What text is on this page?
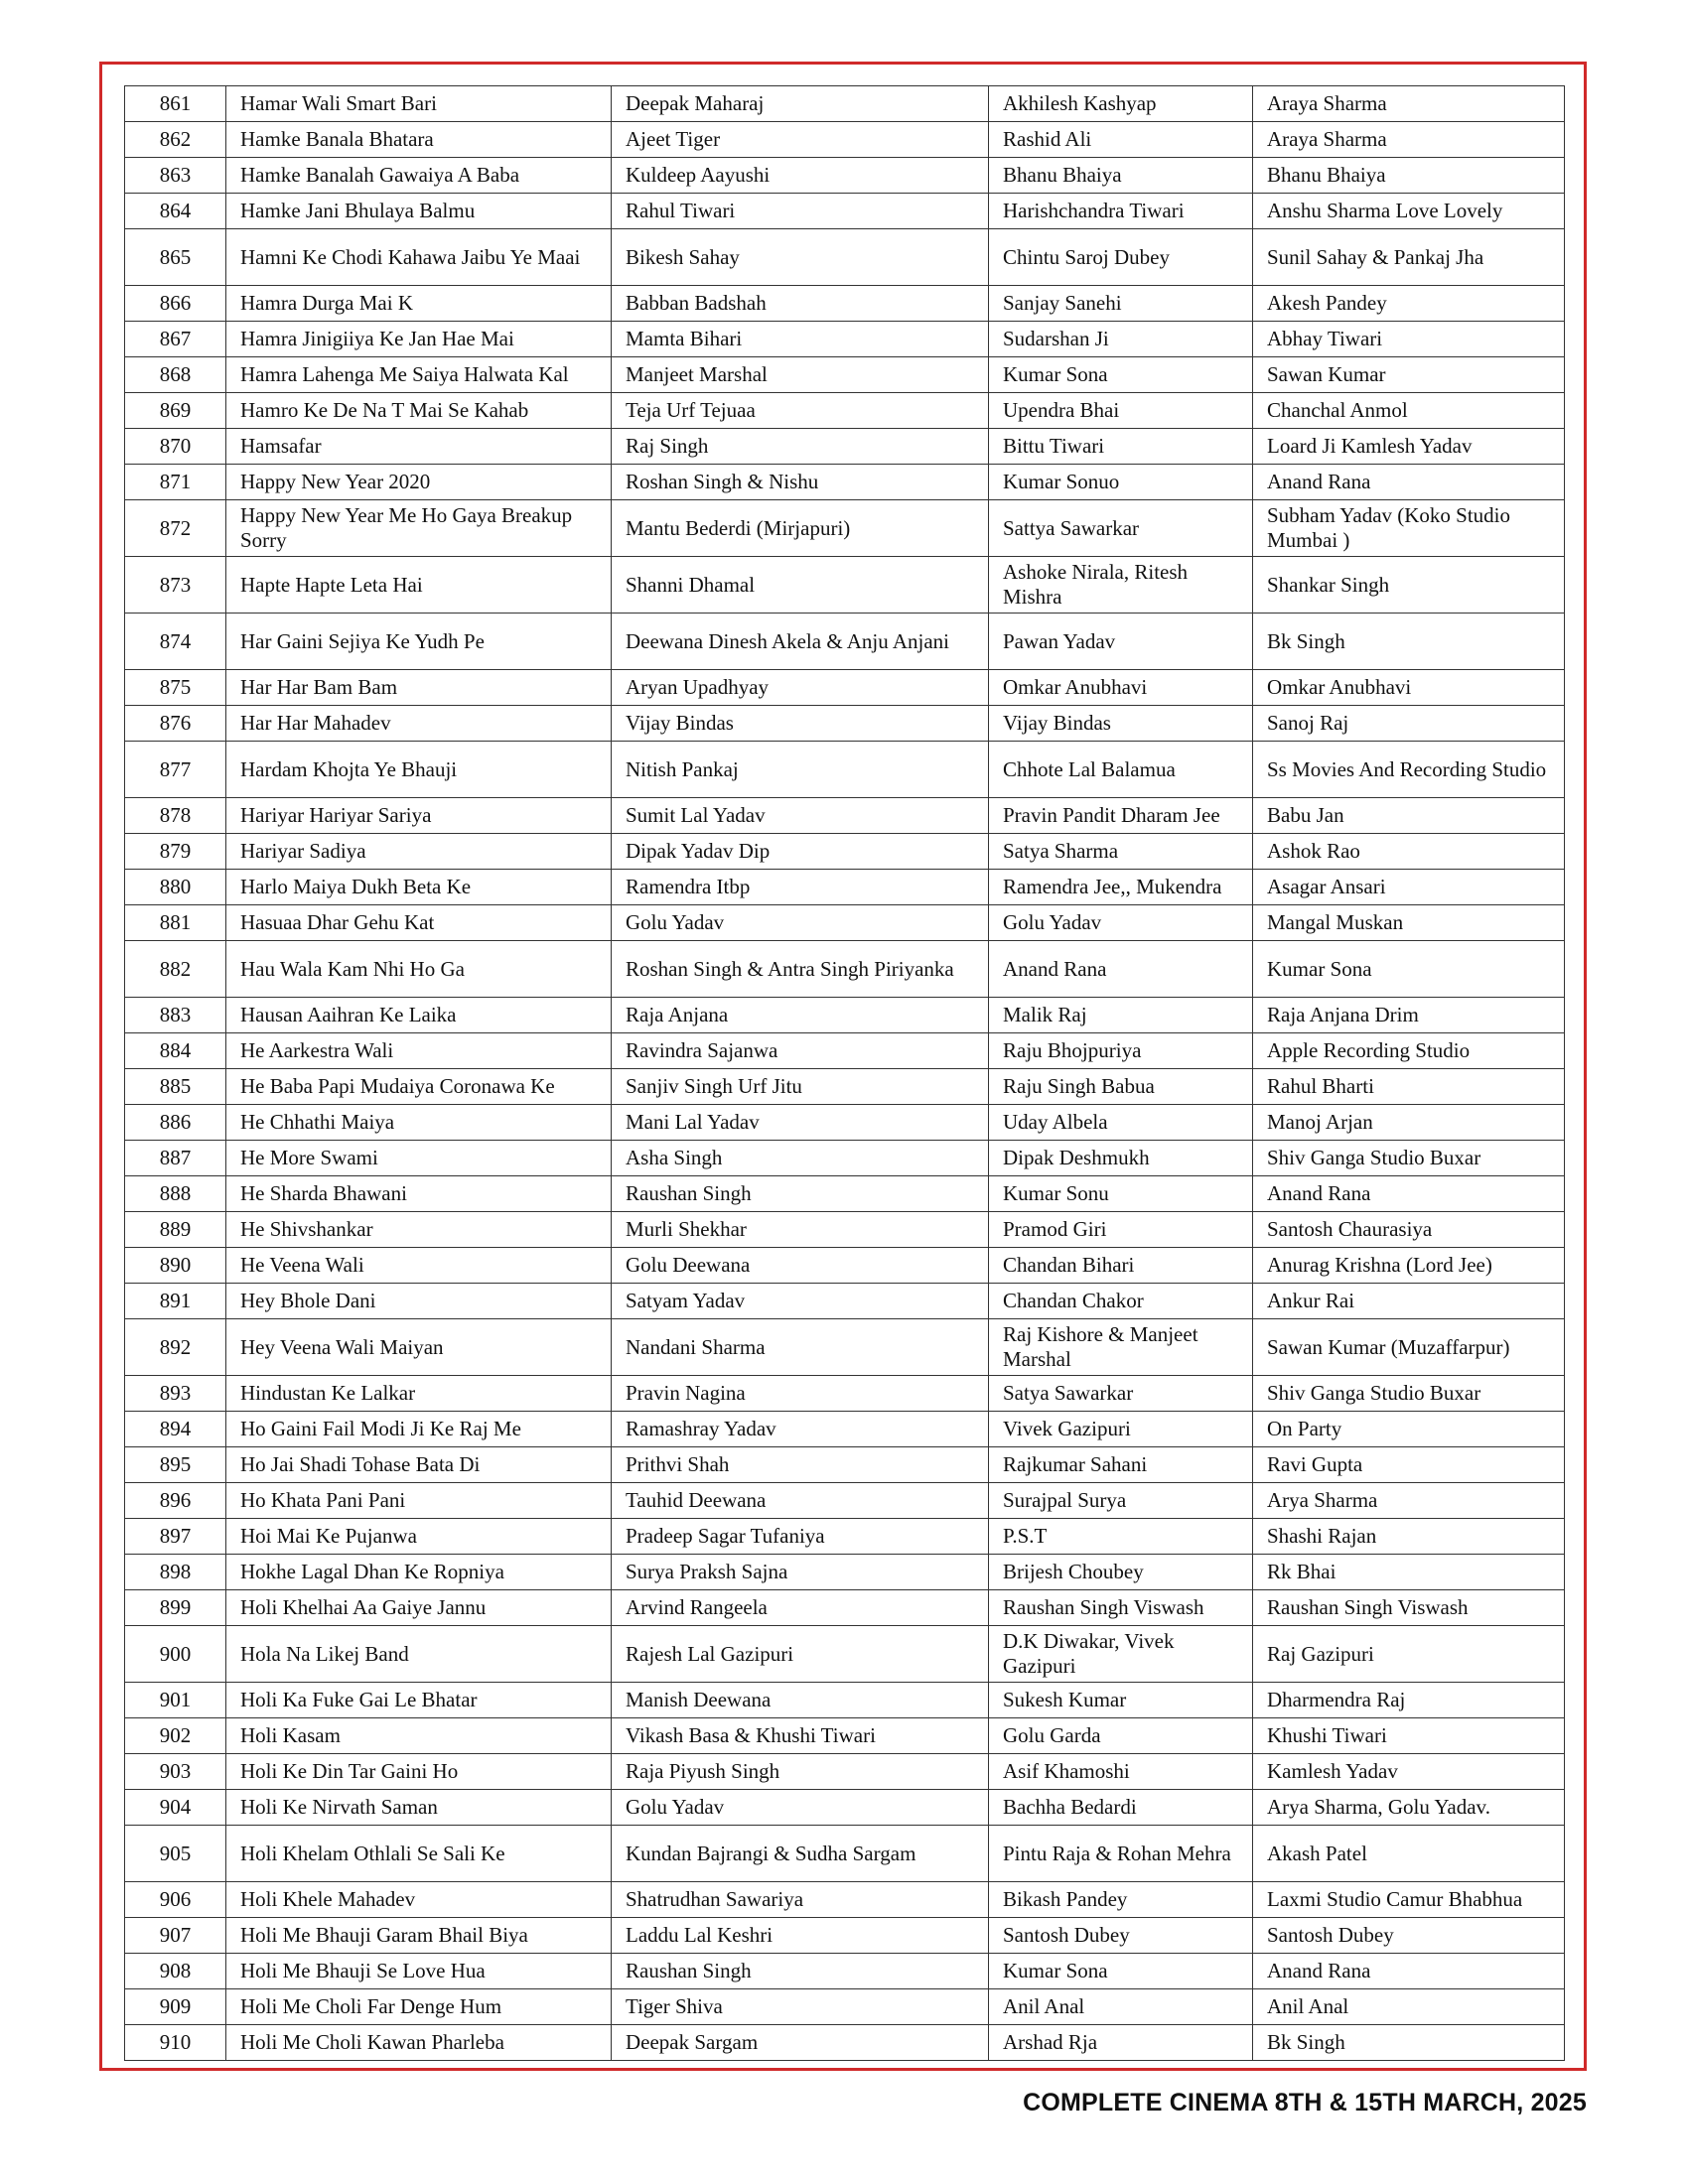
861	Hamar Wali Smart Bari	Deepak Maharaj	Akhilesh Kashyap	Araya Sharma
862	Hamke Banala Bhatara	Ajeet Tiger	Rashid Ali	Araya Sharma
863	Hamke Banalah Gawaiya A Baba	Kuldeep Aayushi	Bhanu Bhaiya	Bhanu Bhaiya
864	Hamke Jani Bhulaya Balmu	Rahul Tiwari	Harishchandra Tiwari	Anshu Sharma Love Lovely
865	Hamni Ke Chodi Kahawa Jaibu Ye Maai	Bikesh Sahay	Chintu Saroj Dubey	Sunil Sahay & Pankaj Jha
866	Hamra Durga Mai K	Babban Badshah	Sanjay Sanehi	Akesh Pandey
867	Hamra Jinigiiya Ke Jan Hae Mai	Mamta Bihari	Sudarshan Ji	Abhay Tiwari
868	Hamra Lahenga Me Saiya Halwata Kal	Manjeet Marshal	Kumar Sona	Sawan Kumar
869	Hamro Ke De Na T Mai Se Kahab	Teja Urf Tejuaa	Upendra Bhai	Chanchal Anmol
870	Hamsafar	Raj Singh	Bittu Tiwari	Loard Ji Kamlesh Yadav
871	Happy New Year 2020	Roshan Singh & Nishu	Kumar Sonuo	Anand Rana
872	Happy New Year Me Ho Gaya Breakup Sorry	Mantu Bederdi (Mirjapuri)	Sattya Sawarkar	Subham Yadav (Koko Studio Mumbai )
873	Hapte Hapte Leta Hai	Shanni Dhamal	Ashoke Nirala, Ritesh Mishra	Shankar Singh
874	Har Gaini Sejiya Ke Yudh Pe	Deewana Dinesh Akela & Anju Anjani	Pawan Yadav	Bk Singh
875	Har Har Bam Bam	Aryan Upadhyay	Omkar Anubhavi	Omkar Anubhavi
876	Har Har Mahadev	Vijay Bindas	Vijay Bindas	Sanoj Raj
877	Hardam Khojta Ye Bhauji	Nitish Pankaj	Chhote Lal Balamua	Ss Movies And Recording Studio
878	Hariyar Hariyar Sariya	Sumit Lal Yadav	Pravin Pandit Dharam Jee	Babu Jan
879	Hariyar Sadiya	Dipak Yadav Dip	Satya Sharma	Ashok Rao
880	Harlo Maiya Dukh Beta Ke	Ramendra Itbp	Ramendra Jee,, Mukendra	Asagar Ansari
881	Hasuaa Dhar Gehu Kat	Golu Yadav	Golu Yadav	Mangal Muskan
882	Hau Wala Kam Nhi Ho Ga	Roshan Singh & Antra Singh Piriyanka	Anand Rana	Kumar Sona
883	Hausan Aaihran Ke Laika	Raja Anjana	Malik Raj	Raja Anjana Drim
884	He Aarkestra Wali	Ravindra Sajanwa	Raju Bhojpuriya	Apple Recording Studio
885	He Baba Papi Mudaiya Coronawa Ke	Sanjiv Singh Urf Jitu	Raju Singh Babua	Rahul Bharti
886	He Chhathi Maiya	Mani Lal Yadav	Uday Albela	Manoj Arjan
887	He More Swami	Asha Singh	Dipak Deshmukh	Shiv Ganga Studio Buxar
888	He Sharda Bhawani	Raushan Singh	Kumar Sonu	Anand Rana
889	He Shivshankar	Murli Shekhar	Pramod Giri	Santosh Chaurasiya
890	He Veena Wali	Golu Deewana	Chandan Bihari	Anurag Krishna (Lord Jee)
891	Hey Bhole Dani	Satyam Yadav	Chandan Chakor	Ankur Rai
892	Hey Veena Wali Maiyan	Nandani Sharma	Raj Kishore & Manjeet Marshal	Sawan Kumar (Muzaffarpur)
893	Hindustan Ke Lalkar	Pravin Nagina	Satya Sawarkar	Shiv Ganga Studio Buxar
894	Ho Gaini Fail Modi Ji Ke Raj Me	Ramashray Yadav	Vivek Gazipuri	On Party
895	Ho Jai Shadi Tohase Bata Di	Prithvi Shah	Rajkumar Sahani	Ravi Gupta
896	Ho Khata Pani Pani	Tauhid Deewana	Surajpal Surya	Arya Sharma
897	Hoi Mai Ke Pujanwa	Pradeep Sagar Tufaniya	P.S.T	Shashi Rajan
898	Hokhe Lagal Dhan Ke Ropniya	Surya Praksh Sajna	Brijesh Choubey	Rk Bhai
899	Holi Khelhai Aa Gaiye Jannu	Arvind Rangeela	Raushan Singh Viswash	Raushan Singh Viswash
900	Hola Na Likej Band	Rajesh Lal Gazipuri	D.K Diwakar, Vivek Gazipuri	Raj Gazipuri
901	Holi Ka Fuke Gai Le Bhatar	Manish Deewana	Sukesh Kumar	Dharmendra Raj
902	Holi Kasam	Vikash Basa & Khushi Tiwari	Golu Garda	Khushi Tiwari
903	Holi Ke Din Tar Gaini Ho	Raja Piyush Singh	Asif Khamoshi	Kamlesh Yadav
904	Holi Ke Nirvath Saman	Golu Yadav	Bachha Bedardi	Arya Sharma, Golu Yadav.
905	Holi Khelam Othlali Se Sali Ke	Kundan Bajrangi & Sudha Sargam	Pintu Raja & Rohan Mehra	Akash Patel
906	Holi Khele Mahadev	Shatrudhan Sawariya	Bikash Pandey	Laxmi Studio Camur Bhabhua
907	Holi Me Bhauji Garam Bhail Biya	Laddu Lal Keshri	Santosh Dubey	Santosh Dubey
908	Holi Me Bhauji Se Love Hua	Raushan Singh	Kumar Sona	Anand Rana
909	Holi Me Choli Far Denge Hum	Tiger Shiva	Anil Anal	Anil Anal
910	Holi Me Choli Kawan Pharleba	Deepak Sargam	Arshad Rja	Bk Singh
COMPLETE CINEMA 8TH & 15TH MARCH, 2025
